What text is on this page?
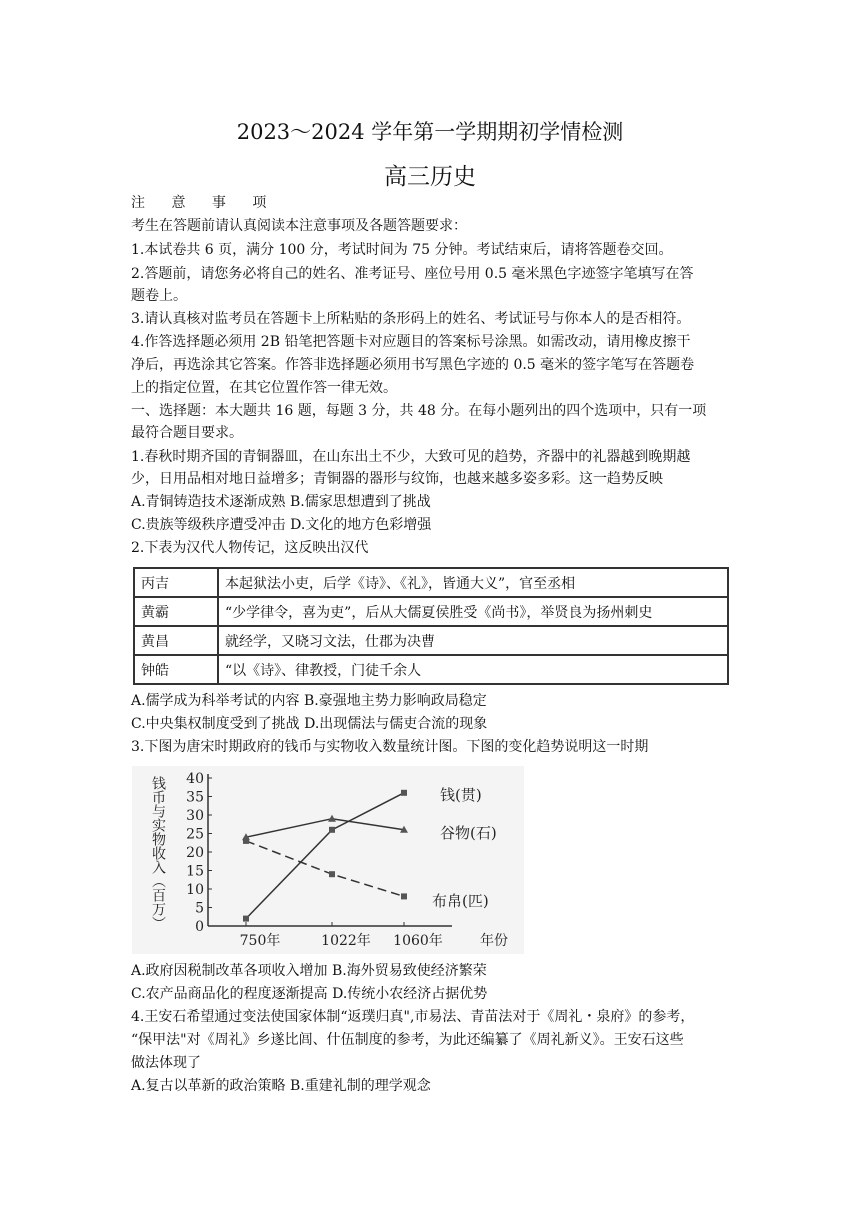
2023～2024 学年第一学期期初学情检测
高三历史
注 意 事 项
考生在答题前请认真阅读本注意事项及各题答题要求：
1.本试卷共 6 页，满分 100 分，考试时间为 75 分钟。考试结束后，请将答题卷交回。
2.答题前，请您务必将自己的姓名、准考证号、座位号用 0.5 毫米黑色字迹签字笔填写在答
题卷上。
3.请认真核对监考员在答题卡上所粘贴的条形码上的姓名、考试证号与你本人的是否相符。
4.作答选择题必须用 2B 铅笔把答题卡对应题目的答案标号涂黑。如需改动，请用橡皮擦干
净后，再选涂其它答案。作答非选择题必须用书写黑色字迹的 0.5 毫米的签字笔写在答题卷
上的指定位置，在其它位置作答一律无效。
一、选择题：本大题共 16 题，每题 3 分，共 48 分。在每小题列出的四个选项中，只有一项
最符合题目要求。
1.春秋时期齐国的青铜器皿，在山东出土不少，大致可见的趋势，齐器中的礼器越到晚期越
少，日用品相对地日益增多；青铜器的器形与纹饰，也越来越多姿多彩。这一趋势反映
A.青铜铸造技术逐渐成熟 B.儒家思想遭到了挑战
C.贵族等级秩序遭受冲击 D.文化的地方色彩增强
2.下表为汉代人物传记，这反映出汉代
丙吉	本起狱法小吏，后学《诗》、《礼》，皆通大义”，官至丞相
黄霸	“少学律令，喜为吏”，后从大儒夏侯胜受《尚书》，举贤良为扬州刺史
黄昌	就经学，又晓习文法，仕郡为决曹
钟皓	“以《诗》、律教授，门徒千余人
A.儒学成为科举考试的内容 B.豪强地主势力影响政局稳定
C.中央集权制度受到了挑战 D.出现儒法与儒吏合流的现象
3.下图为唐宋时期政府的钱币与实物收入数量统计图。下图的变化趋势说明这一时期
0
5
10
15
20
25
30
35
40
750年	1022年 1060年	年份
钱币与实物收入（百万）	钱(贯)
谷物(石)
布帛(匹)
A.政府因税制改革各项收入增加 B.海外贸易致使经济繁荣
C.农产品商品化的程度逐渐提高 D.传统小农经济占据优势
4.王安石希望通过变法使国家体制“返璞归真",市易法、青苗法对于《周礼・泉府》的参考，
“保甲法"对《周礼》乡遂比闾、什伍制度的参考，为此还编纂了《周礼新义》。王安石这些
做法体现了
A.复古以革新的政治策略 B.重建礼制的理学观念
